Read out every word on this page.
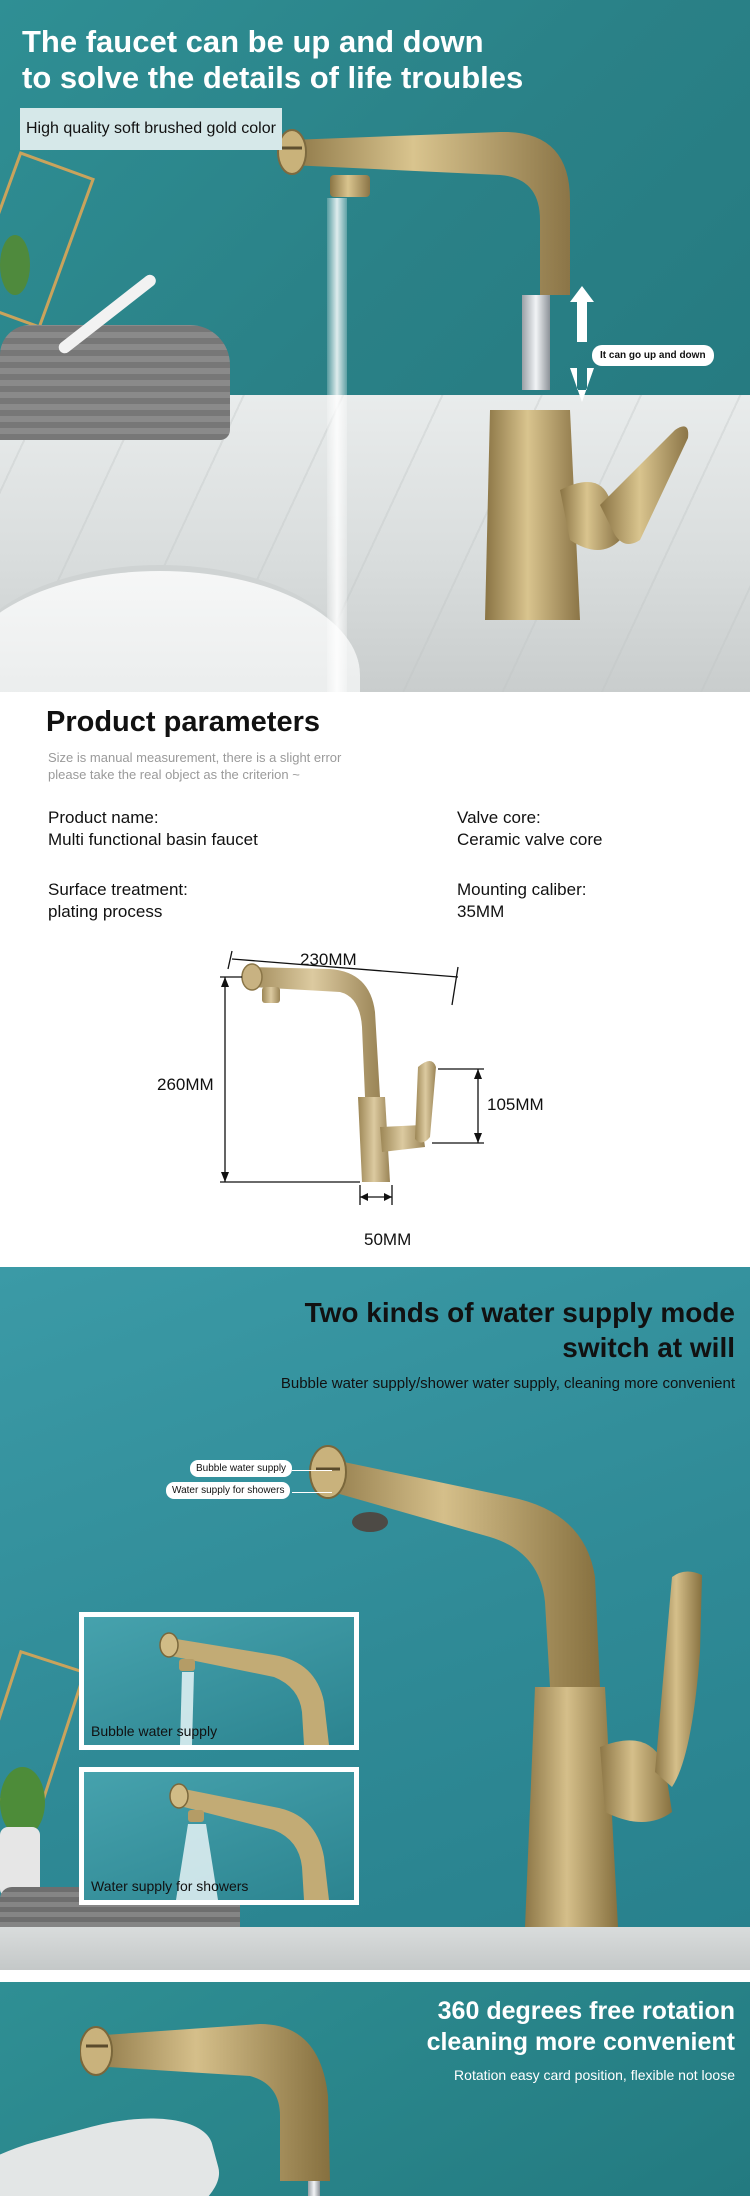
The faucet can be up and down
to solve the details of life troubles
High quality soft brushed gold color
It can go up and down
Product parameters
Size is manual measurement, there is a slight error
please take the real object as the criterion ~
Product name:
Multi functional basin faucet
Valve core:
Ceramic valve core
Surface treatment:
plating process
Mounting caliber:
35MM
230MM
260MM
105MM
50MM
Two kinds of water supply mode
switch at will
Bubble water supply/shower water supply, cleaning more convenient
Bubble water supply
Water supply for showers
Bubble water supply
Water supply for showers
360 degrees free rotation
cleaning more convenient
Rotation easy card position, flexible not loose
